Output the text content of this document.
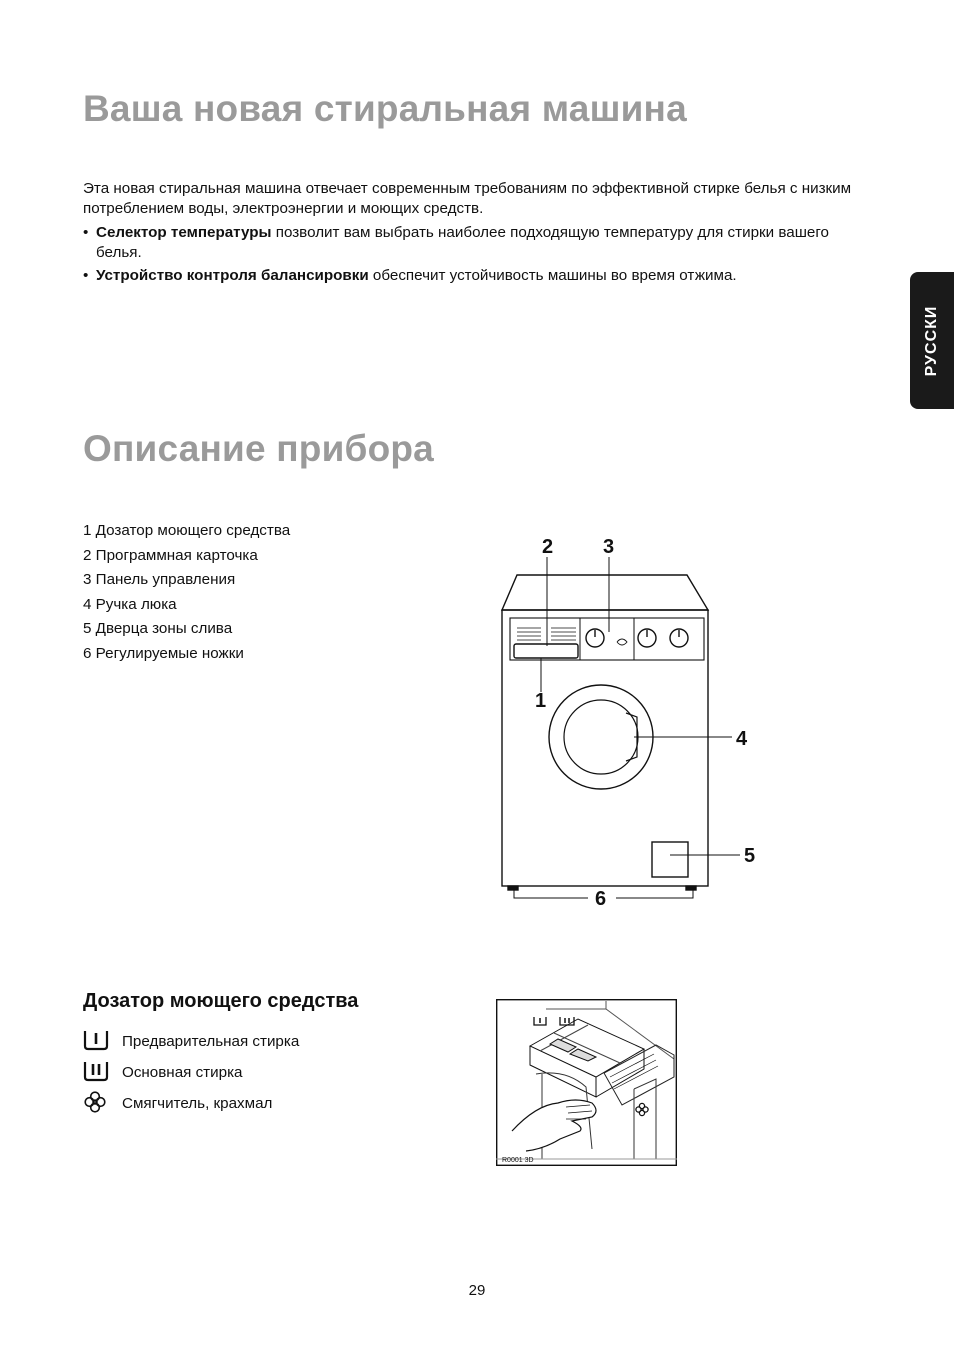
Ваша новая стиральная машина
Эта новая стиральная машина отвечает современным требованиям по эффективной стирке белья с низким потреблением воды, электроэнергии и моющих средств.
• Селектор температуры позволит вам выбрать наиболее подходящую температуру для стирки вашего белья.
• Устройство контроля балансировки обеспечит устойчивость машины во время отжима.
РУССКИ
Описание прибора
1 Дозатор моющего средства
2 Программная карточка
3 Панель управления
4 Ручка люка
5 Дверца зоны слива
6 Регулируемые ножки
2 3
1
4
5
6
Дозатор моющего средства
Предварительная стирка
Основная стирка
Смягчитель, крахмал
R0001 3D
29
